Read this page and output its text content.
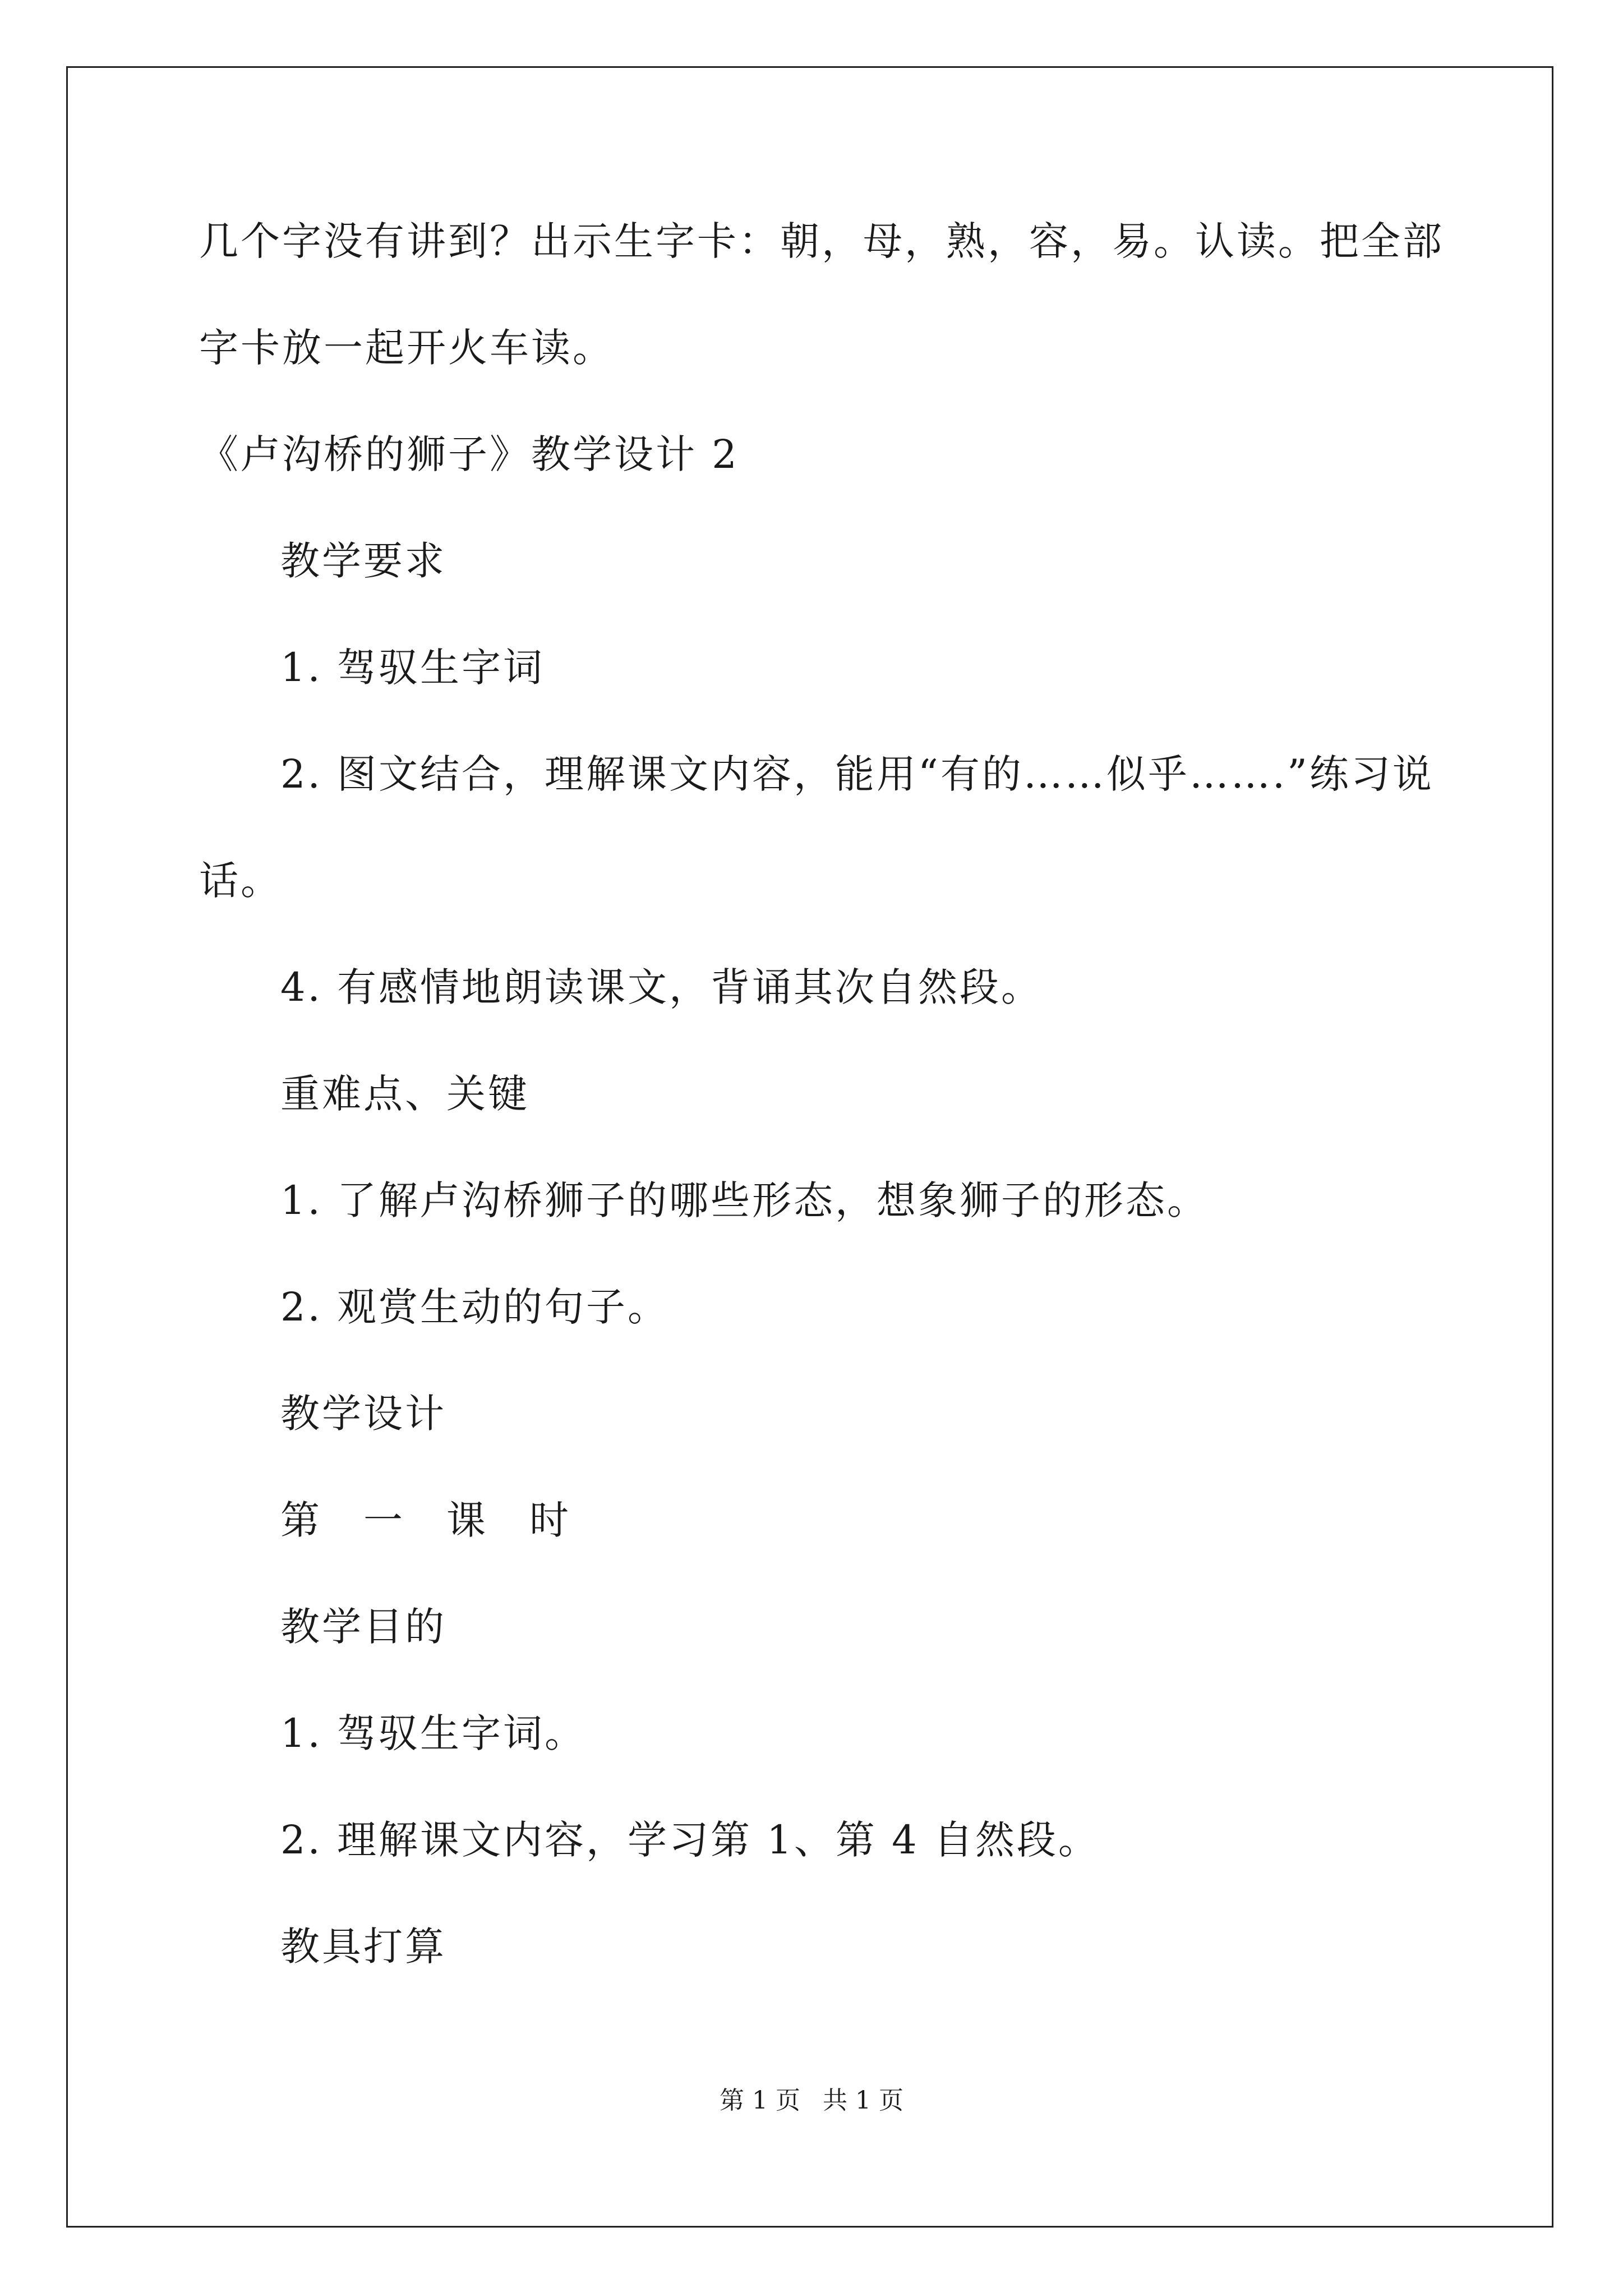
几个字没有讲到？出示生字卡：朝，母，熟，容，易。认读。把全部
字卡放一起开火车读。
《卢沟桥的狮子》教学设计 2
教学要求
1. 驾驭生字词
2. 图文结合，理解课文内容，能用“有的……似乎…….”练习说
话。
4. 有感情地朗读课文，背诵其次自然段。
重难点、关键
1. 了解卢沟桥狮子的哪些形态，想象狮子的形态。
2. 观赏生动的句子。
教学设计
第　一　课　时
教学目的
1. 驾驭生字词。
2. 理解课文内容，学习第 1、第 4 自然段。
教具打算
第 1 页 共 1 页
